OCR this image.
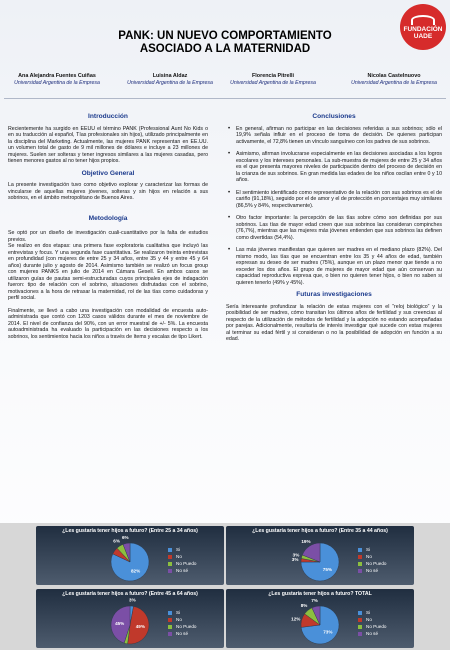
PANK: UN NUEVO COMPORTAMIENTO
ASOCIADO A LA MATERNIDAD
FUNDACIÓN
UADE
Ana Alejandra Fuentes Cuiñas
Universidad Argentina de la Empresa
Luisina Aldaz
Universidad Argentina de la Empresa
Florencia Pitrelli
Universidad Argentina de la Empresa
Nicolas Castelnuovo
Universidad Argentina de la Empresa
Introducción

Recientemente ha surgido en EEUU el término PANK (Professional Aunt No Kids o en su traducción al español, Tías profesionales sin hijos), utilizado principalmente en la disciplina del Marketing. Actualmente, las mujeres PANK representan en EE.UU. un volumen total de gasto de 9 mil millones de dólares e incluye a 23 millones de mujeres. Suelen ser solteras y tener ingresos similares a las mujeres casadas, pero tienen menores gastos al no tener hijos propios.

Objetivo General

La presente investigación tuvo como objetivo explorar y caracterizar las formas de vincularse de aquellas mujeres jóvenes, solteras y sin hijos en relación a sus sobrinos, en el ámbito metropolitano de Buenos Aires.

Metodología

Se optó por un diseño de investigación cuali-cuantitativo por la falta de estudios previos.

Se realizo en dos etapas: una primera fase exploratoria cualitativa que incluyó las entrevistas y focus. Y una segunda fase cuantitativa. Se realizaron treinta entrevistas en profundidad (con mujeres de entre 25 y 34 años, entre 35 y 44 y entre 45 y 64 años) durante julio y agosto de 2014. Asimismo también se realizó un focus group con mujeres PANKS en julio de 2014 en Cámara Gesell. En ambos casos se utilizaron guías de pautas semi-estructuradas cuyos principales ejes de indagación fueron: tipo de relación con el sobrino, situaciones disfrutadas con el sobrino, motivaciones a la hora de retrasar la maternidad, rol de las tías como cuidadoras y perfil social.

Finalmente, se llevó a cabo una investigación con modalidad de encuesta auto-administrada que contó con 1203 casos válidos durante el mes de noviembre de 2014. El nivel de confianza del 90%, con un error muestral de +/- 5%. La encuesta autoadministrada ha evaluado la participación en las decisiones respecto a los sobrinos, los sentimientos hacia los niños a través de ítems y escalas de tipo Likert.

Conclusiones
• En general, afirman no participar en las decisiones referidas a sus sobrinos; sólo el 19,9% señala influir en el proceso de toma de decisión. De quienes participan activamente, el 72,8% tienen un vínculo sanguíneo con los padres de sus sobrinos.
• Asimismo, afirman involucrarse especialmente en las decisiones asociadas a los logros escolares y los intereses personales. La sub-muestra de mujeres de entre 25 y 34 años es el que presenta mayores niveles de participación dentro del proceso de decisión en la crianza de sus sobrinos. En gran medida las edades de los niños oscilan entre 0 y 10 años.
• El sentimiento identificado como representativo de la relación con sus sobrinos es el de cariño (91,18%), seguido por el de amor y el de protección en porcentajes muy similares (86,5% y 84%, respectivamente).
• Otro factor importante: la percepción de las tías sobre cómo son definidas por sus sobrinos. Las tías de mayor edad creen que sus sobrinos las consideran compinches (76,7%), mientras que las mujeres más jóvenes entienden que sus sobrinos las definen como divertidas (54,4%).
• Las más jóvenes manifiestan que quieren ser madres en el mediano plazo (82%). Del mismo modo, las tías que se encuentran entre los 35 y 44 años de edad, también expresan su deseo de ser madres (75%), aunque en un plazo menor que tiende a no exceder los dos años. El grupo de mujeres de mayor edad que aún conservan su capacidad reproductiva expresa que, o bien no quieren tener hijos, o bien no saben si quieren tenerlo (49% y 45%).
Futuras investigaciones

Sería interesante profundizar la relación de estas mujeres con el “reloj biológico” y la posibilidad de ser madres, cómo transitan los últimos años de fertilidad y sus creencias al respecto de la utilización de métodos de fertilidad y la adopción no estando acompañadas por parejas. Adicionalmente, resultaría de interés investigar qué sucede con estas mujeres al terminar su edad fértil y si consideran o no la posibilidad de adopción en función a su edad.

¿Les gustaría tener hijos a futuro? (Entre 25 a 34 años)
82%
6%
6%
Si
No
No Puedo
No sé
¿Les gustaría tener hijos a futuro? (Entre 35 a 44 años)
75%
3%
3%
19%
Si
No
No Puedo
No sé
¿Les gustaría tener hijos a futuro? (Entre 45 a 64 años)
3%
49%
45%
Si
No
No Puedo
No sé
¿Les gustaría tener hijos a futuro? TOTAL
73%
12%
8%
7%
Si
No
No Puedo
No sé
